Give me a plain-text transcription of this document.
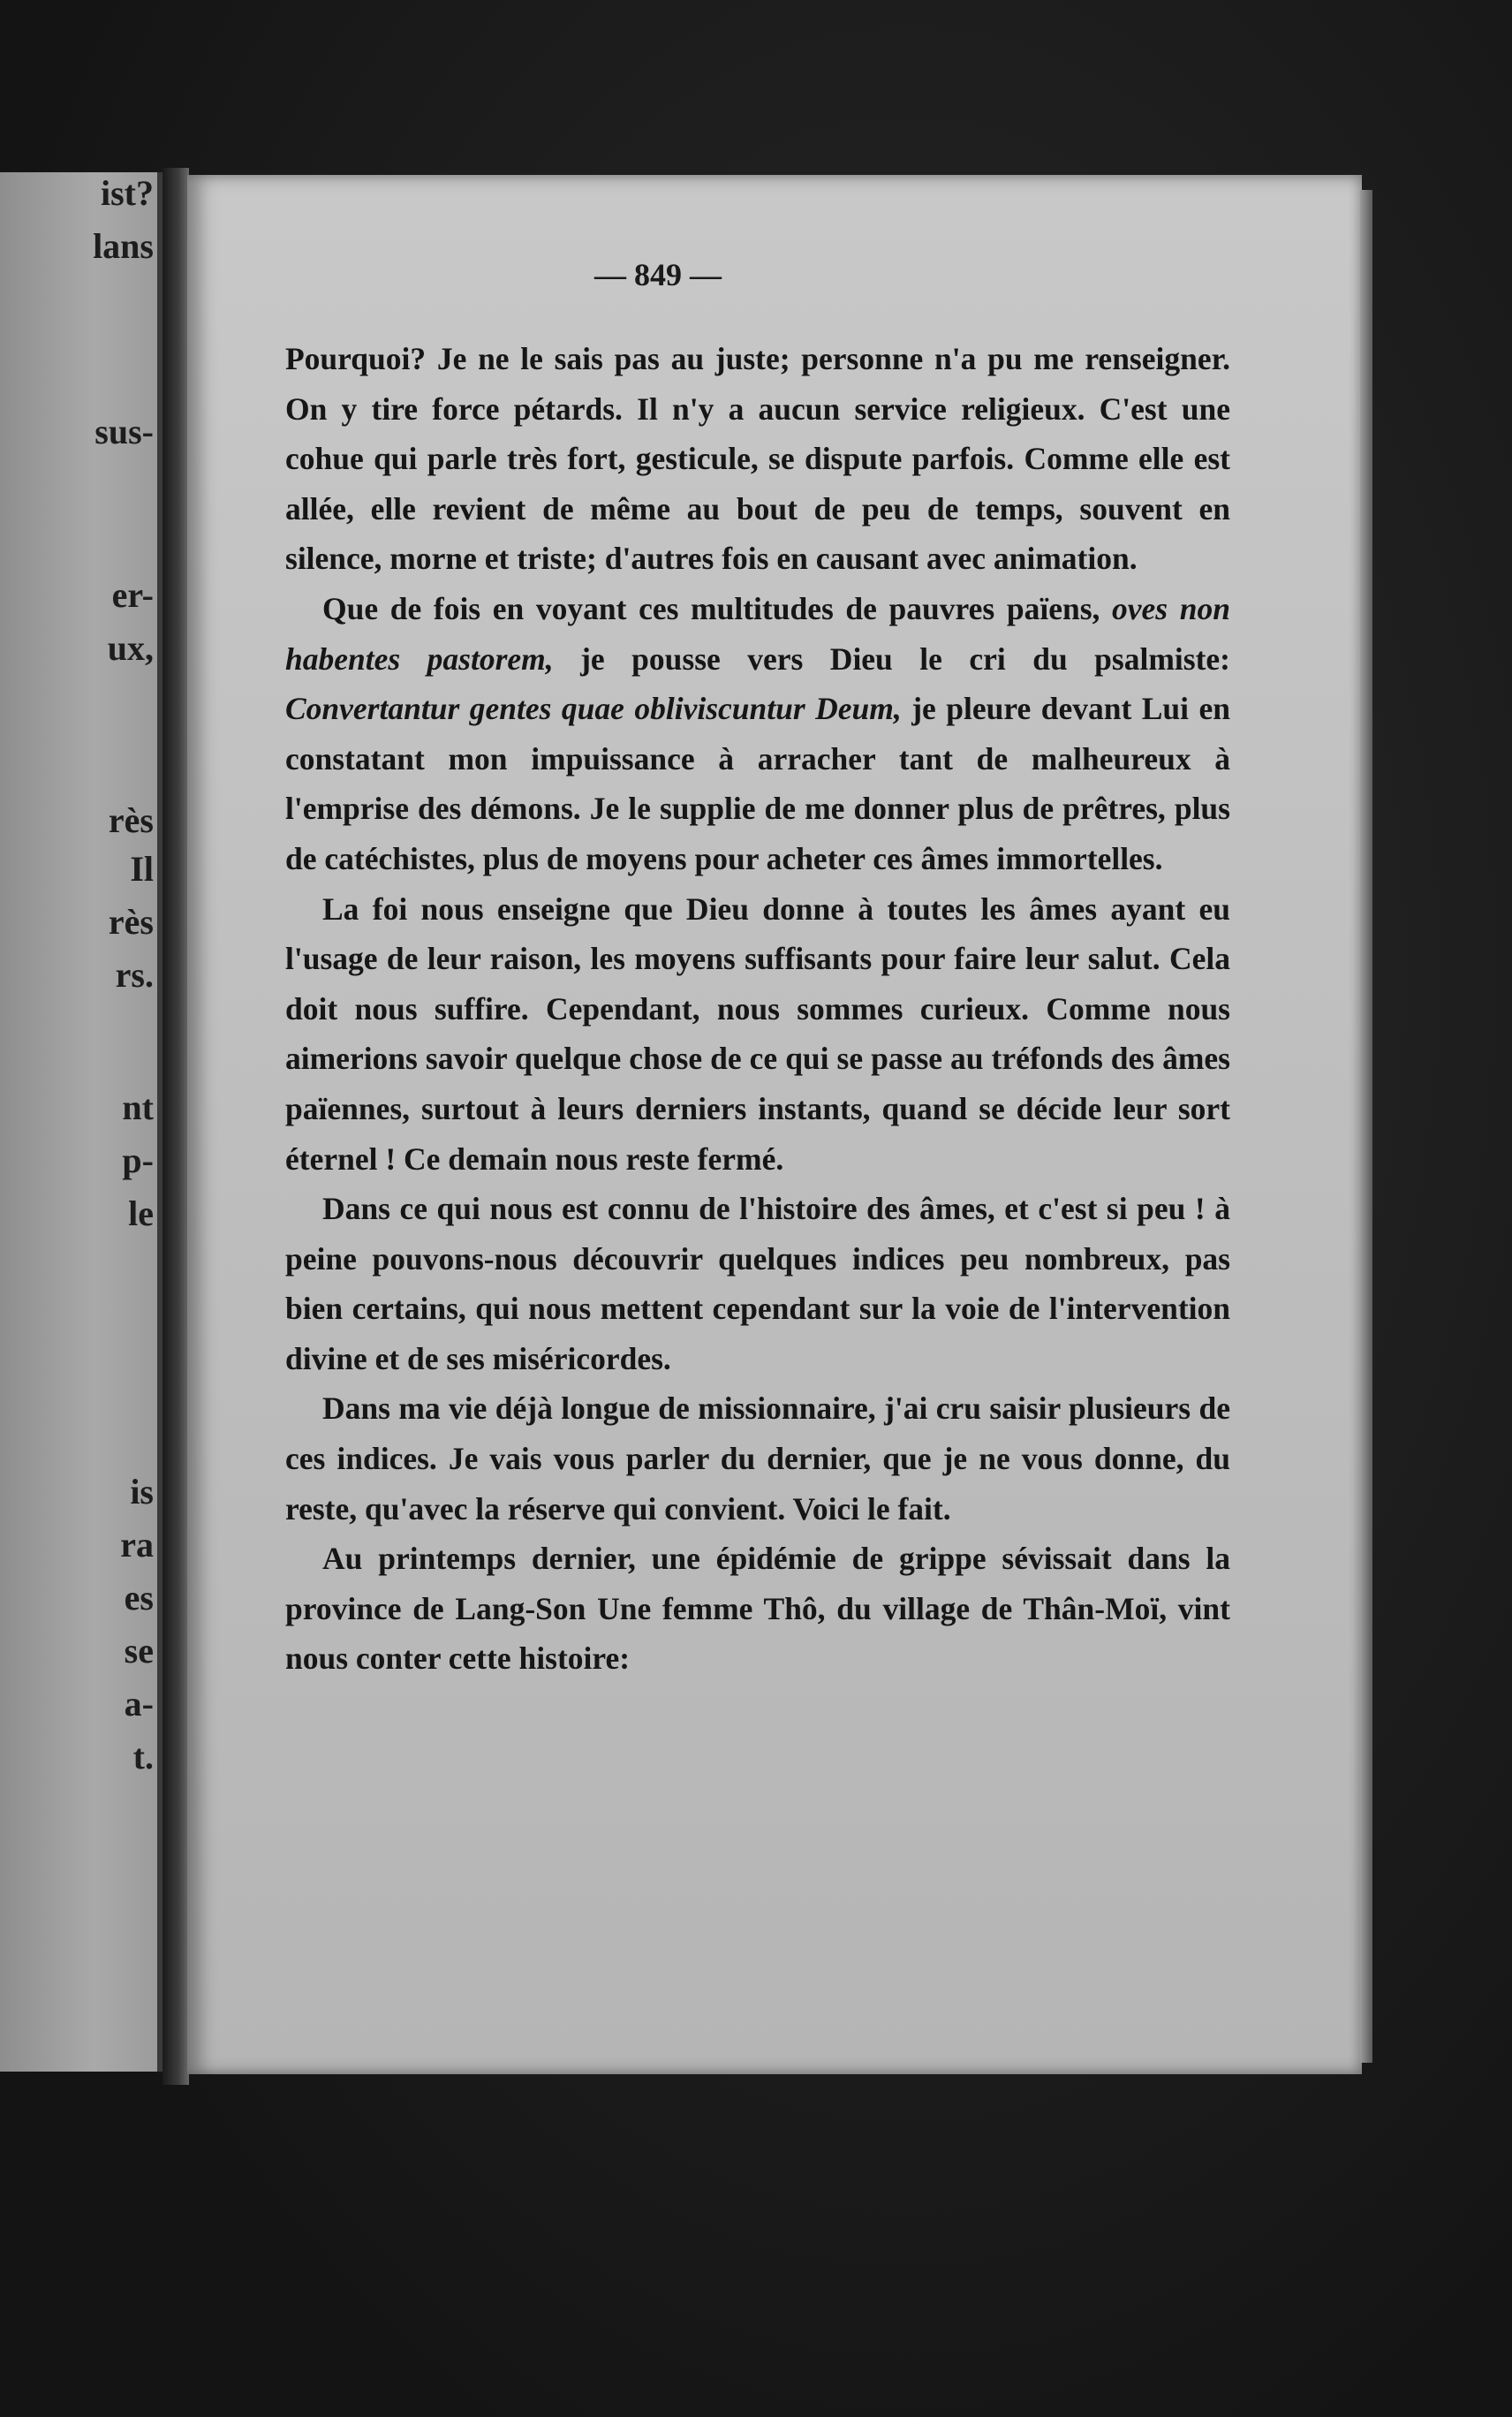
ist?
lans
sus-
er-
ux,
rès
Il
rès
rs.
nt
p-
le
is
ra
es
se
a-
t.
— 849 —

Pourquoi? Je ne le sais pas au juste; personne n'a pu me renseigner. On y tire force pétards. Il n'y a aucun service religieux. C'est une cohue qui parle très fort, gesticule, se dispute parfois. Comme elle est allée, elle revient de même au bout de peu de temps, souvent en silence, morne et triste; d'autres fois en causant avec animation.

Que de fois en voyant ces multitudes de pauvres païens, oves non habentes pastorem, je pousse vers Dieu le cri du psalmiste: Convertantur gentes quae obliviscuntur Deum, je pleure devant Lui en constatant mon impuissance à arracher tant de malheureux à l'emprise des démons. Je le supplie de me donner plus de prêtres, plus de catéchistes, plus de moyens pour acheter ces âmes immortelles.

La foi nous enseigne que Dieu donne à toutes les âmes ayant eu l'usage de leur raison, les moyens suffisants pour faire leur salut. Cela doit nous suffire. Cependant, nous sommes curieux. Comme nous aimerions savoir quelque chose de ce qui se passe au tréfonds des âmes païennes, surtout à leurs derniers instants, quand se décide leur sort éternel ! Ce demain nous reste fermé.

Dans ce qui nous est connu de l'histoire des âmes, et c'est si peu ! à peine pouvons-nous découvrir quelques indices peu nombreux, pas bien certains, qui nous mettent cependant sur la voie de l'intervention divine et de ses miséricordes.

Dans ma vie déjà longue de missionnaire, j'ai cru saisir plusieurs de ces indices. Je vais vous parler du dernier, que je ne vous donne, du reste, qu'avec la réserve qui convient. Voici le fait.

Au printemps dernier, une épidémie de grippe sévissait dans la province de Lang-Son Une femme Thô, du village de Thân-Moï, vint nous conter cette histoire:
